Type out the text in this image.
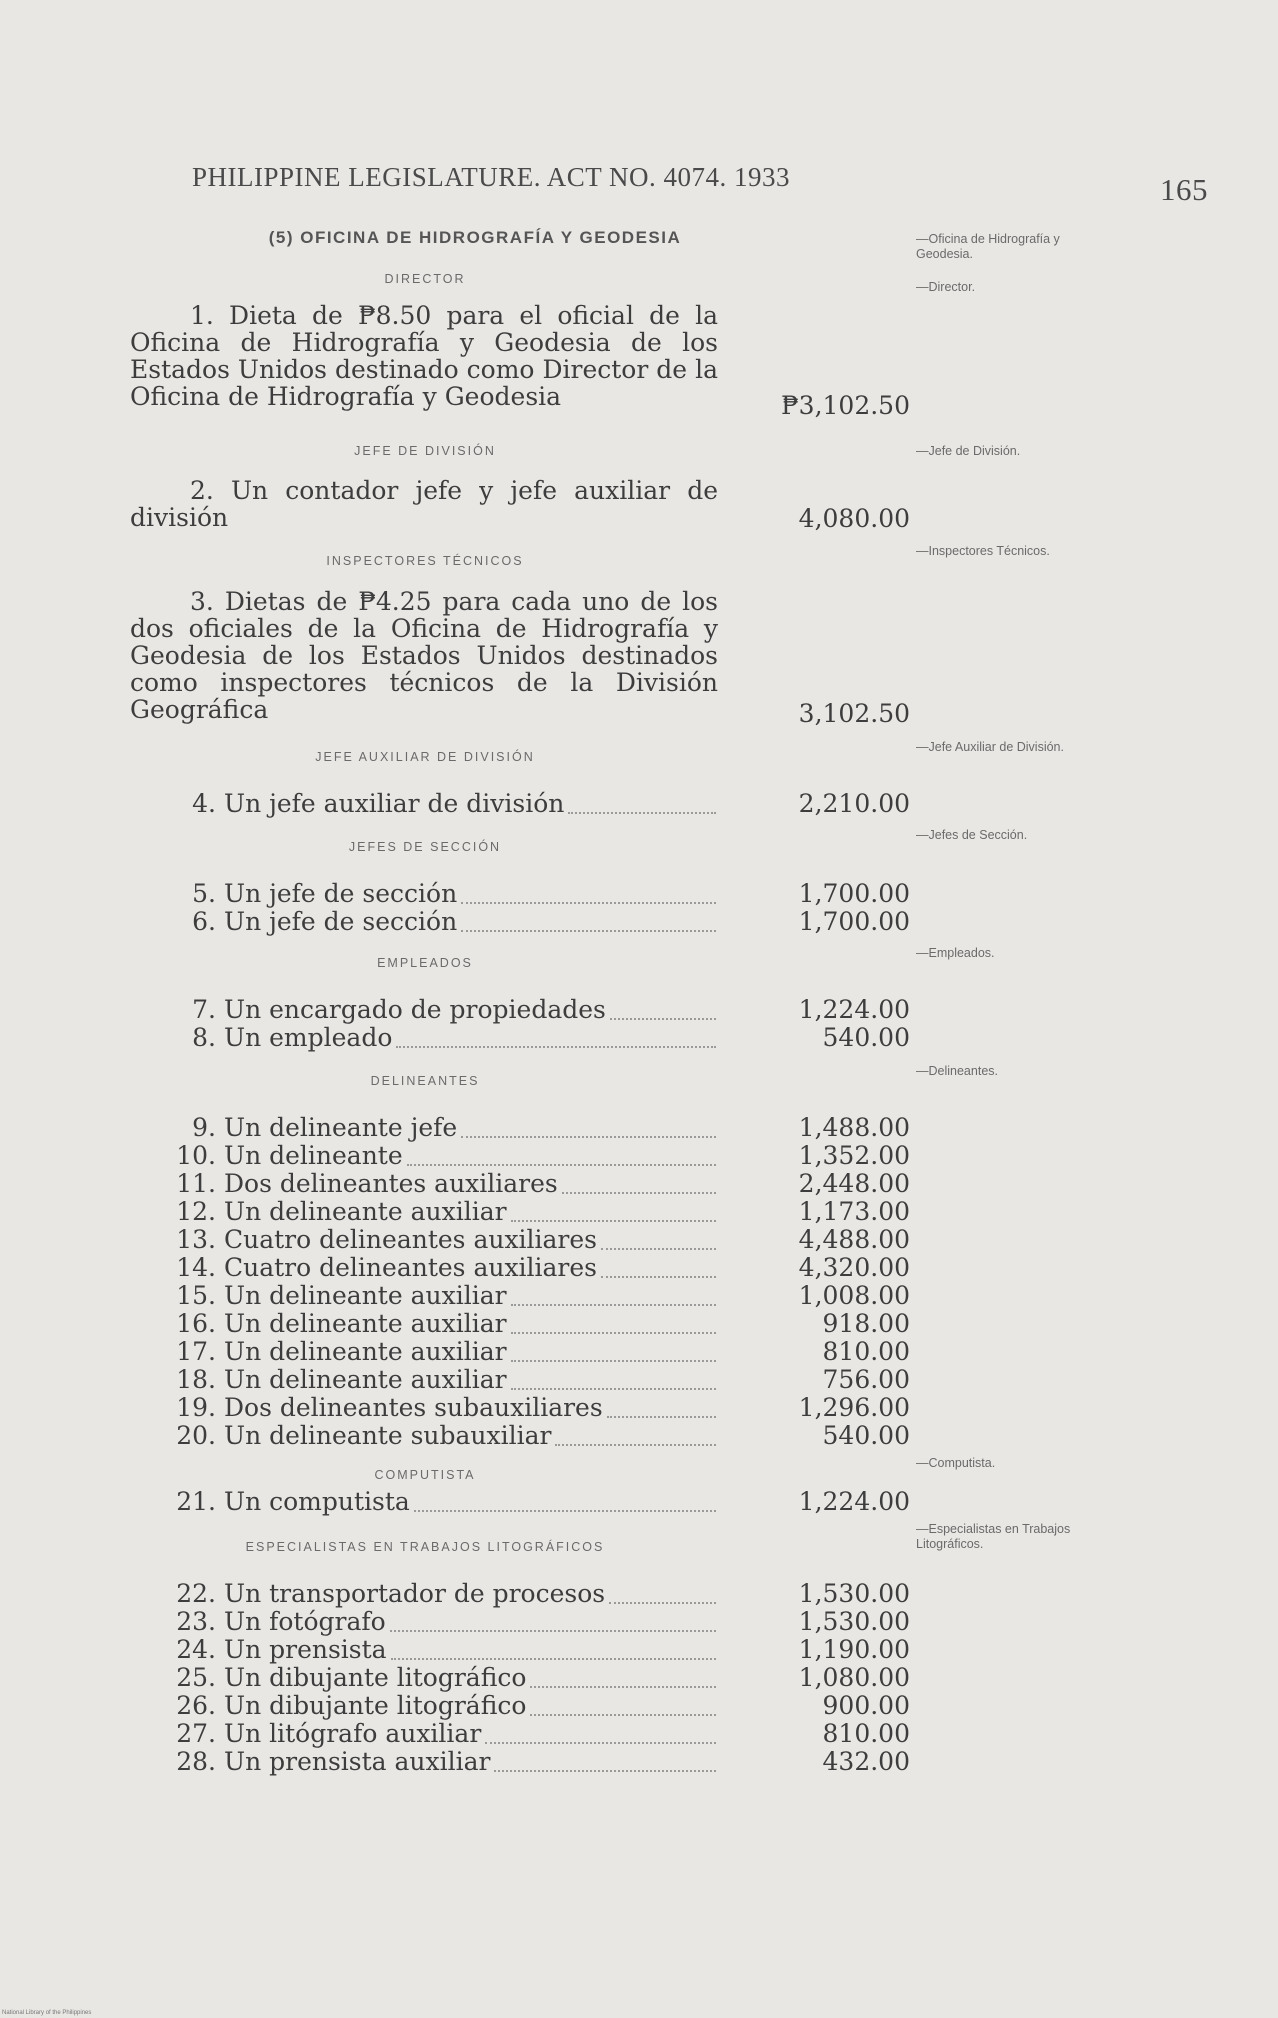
PHILIPPINE LEGISLATURE. ACT NO. 4074. 1933	165
(5) OFICINA DE HIDROGRAFÍA Y GEODESIA	—Oficina de Hidrografía y Geodesia.
DIRECTOR
—Director.
1. Dieta de ₱8.50 para el oficial de la Oficina de Hidrografía y Geodesia de los Estados Unidos destinado como Director de la Oficina de Hidrografía y Geodesia	₱3,102.50
JEFE DE DIVISIÓN	—Jefe de División.
2. Un contador jefe y jefe auxiliar de división	4,080.00
INSPECTORES TÉCNICOS
—Inspectores Técnicos.
3. Dietas de ₱4.25 para cada uno de los dos oficiales de la Oficina de Hidrografía y Geodesia de los Estados Unidos destinados como inspectores técnicos de la División Geográfica	3,102.50
JEFE AUXILIAR DE DIVISIÓN
—Jefe Auxiliar de División.
JEFES DE SECCIÓN
—Jefes de Sección.
EMPLEADOS
—Empleados.
DELINEANTES
—Delineantes.
COMPUTISTA
—Computista.
ESPECIALISTAS EN TRABAJOS LITOGRÁFICOS
—Especialistas en Trabajos Litográficos.
4. Un jefe auxiliar de división	2,210.00
5. Un jefe de sección	1,700.00
6. Un jefe de sección	1,700.00
7. Un encargado de propiedades	1,224.00
8. Un empleado	540.00
9. Un delineante jefe	1,488.00
10. Un delineante	1,352.00
11. Dos delineantes auxiliares	2,448.00
12. Un delineante auxiliar	1,173.00
13. Cuatro delineantes auxiliares	4,488.00
14. Cuatro delineantes auxiliares	4,320.00
15. Un delineante auxiliar	1,008.00
16. Un delineante auxiliar	918.00
17. Un delineante auxiliar	810.00
18. Un delineante auxiliar	756.00
19. Dos delineantes subauxiliares	1,296.00
20. Un delineante subauxiliar	540.00
21. Un computista	1,224.00
22. Un transportador de procesos	1,530.00
23. Un fotógrafo	1,530.00
24. Un prensista	1,190.00
25. Un dibujante litográfico	1,080.00
26. Un dibujante litográfico	900.00
27. Un litógrafo auxiliar	810.00
28. Un prensista auxiliar	432.00
National Library of the Philippines
